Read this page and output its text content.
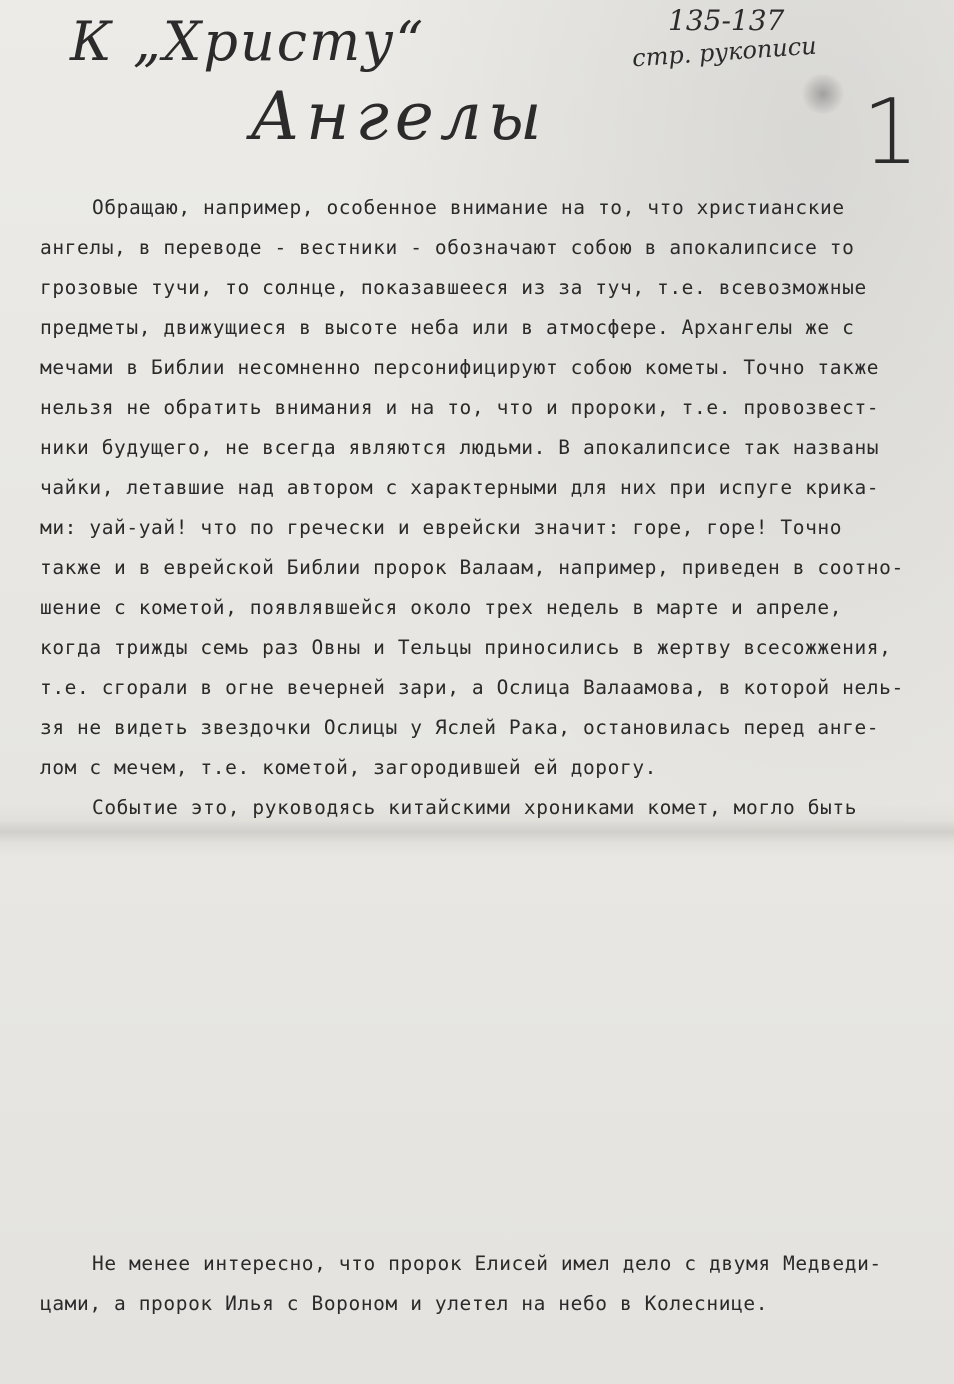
К „Христу“
Ангелы
135-137
стр. рукописи
1
Обращаю, например, особенное внимание на то, что христианские
ангелы, в переводе - вестники - обозначают собою в апокалипсисе то
грозовые тучи, то солнце, показавшееся из за туч, т.е. всевозможные
предметы, движущиеся в высоте неба или в атмосфере. Архангелы же с
мечами в Библии несомненно персонифицируют собою кометы. Точно также
нельзя не обратить внимания и на то, что и пророки, т.е. провозвест-
ники будущего, не всегда являются людьми. В апокалипсисе так названы
чайки, летавшие над автором с характерными для них при испуге крика-
ми: уай-уай! что по гречески и еврейски значит: горе, горе! Точно
также и в еврейской Библии пророк Валаам, например, приведен в соотно-
шение с кометой, появлявшейся около трех недель в марте и апреле,
когда трижды семь раз Овны и Тельцы приносились в жертву всесожжения,
т.е. сгорали в огне вечерней зари, а Ослица Валаамова, в которой нель-
зя не видеть звездочки Ослицы у Яслей Рака, остановилась перед анге-
лом с мечем, т.е. кометой, загородившей ей дорогу.
Событие это, руководясь китайскими хрониками комет, могло быть
Не менее интересно, что пророк Елисей имел дело с двумя Медведи-
цами, а пророк Илья с Вороном и улетел на небо в Колеснице.
